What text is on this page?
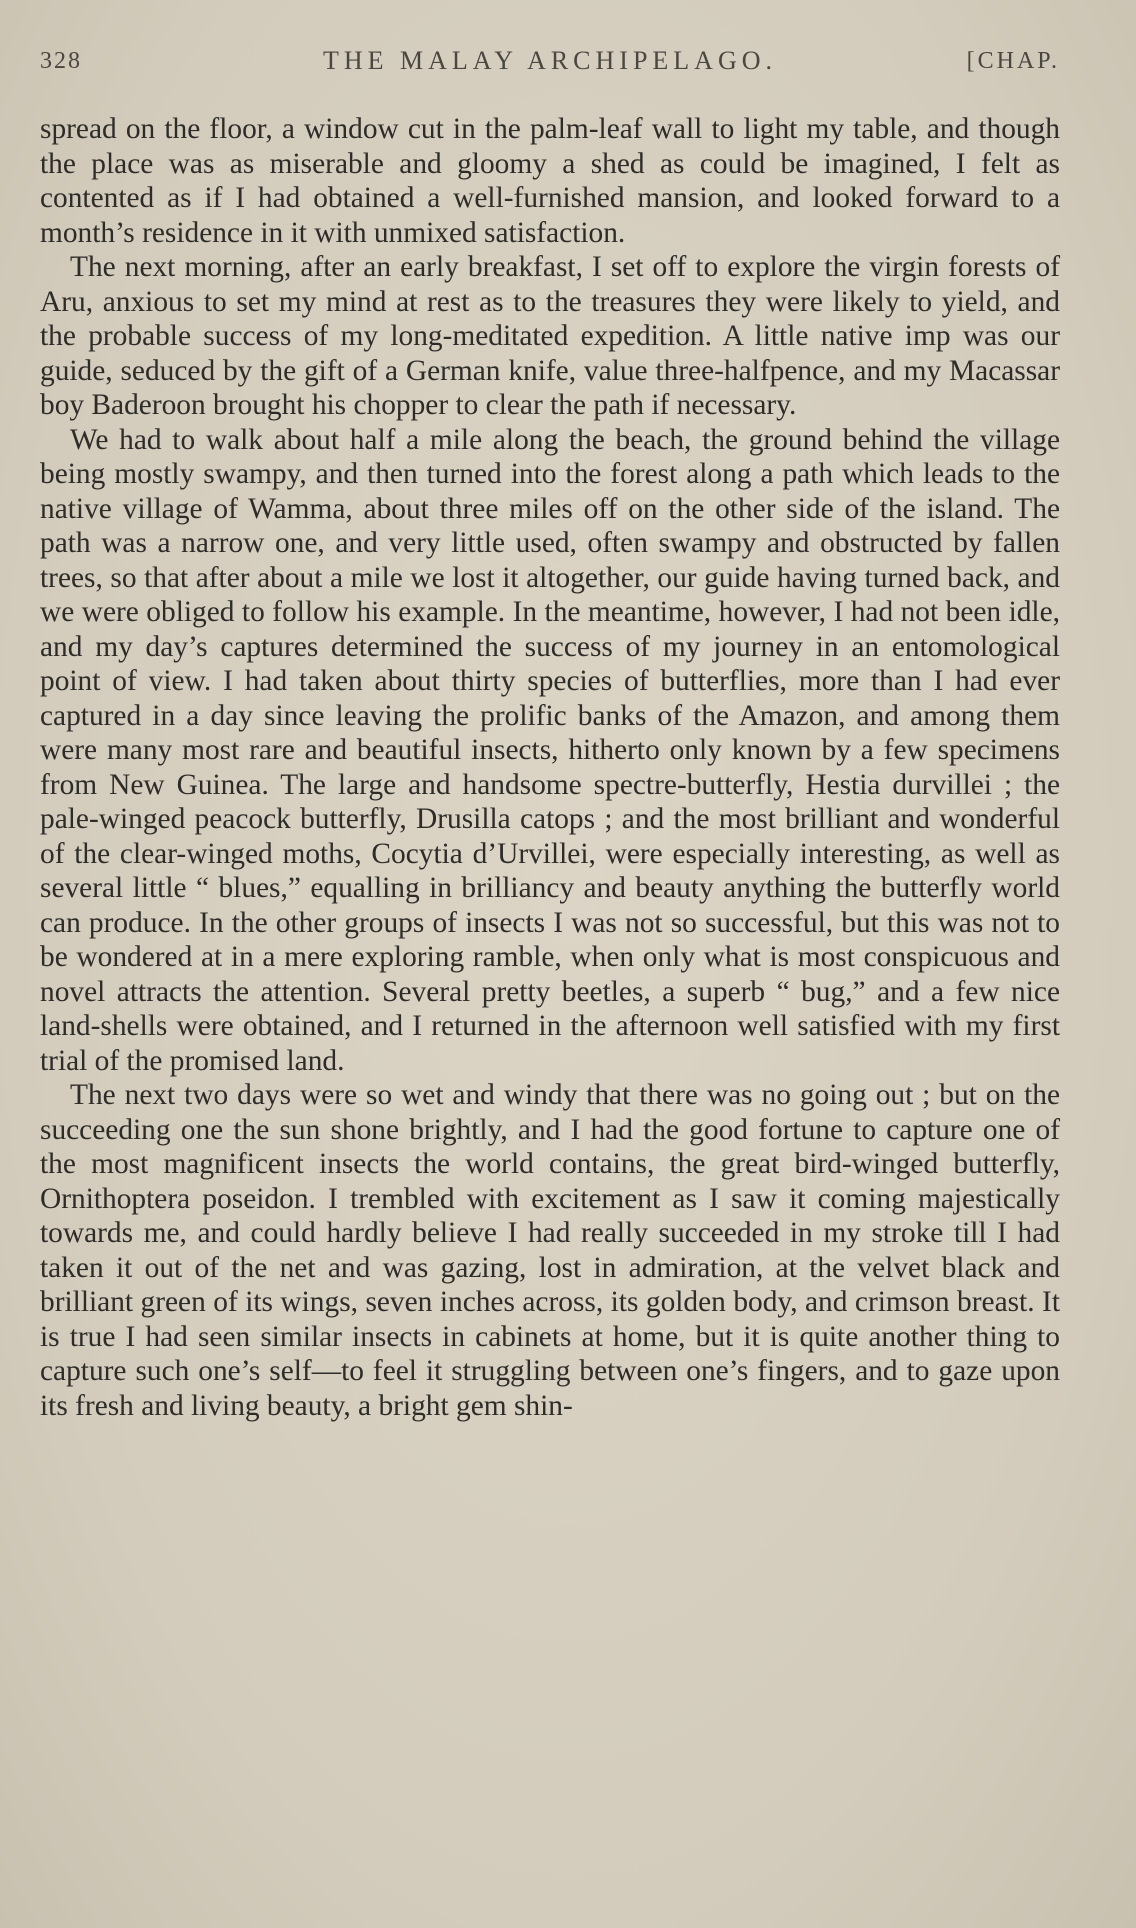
328	THE MALAY ARCHIPELAGO.	[CHAP.

spread on the floor, a window cut in the palm-leaf wall to light my table, and though the place was as miserable and gloomy a shed as could be imagined, I felt as contented as if I had obtained a well-furnished mansion, and looked forward to a month’s residence in it with unmixed satisfaction.

The next morning, after an early breakfast, I set off to explore the virgin forests of Aru, anxious to set my mind at rest as to the treasures they were likely to yield, and the probable success of my long-meditated expedition. A little native imp was our guide, seduced by the gift of a German knife, value three-halfpence, and my Macassar boy Baderoon brought his chopper to clear the path if necessary.

We had to walk about half a mile along the beach, the ground behind the village being mostly swampy, and then turned into the forest along a path which leads to the native village of Wamma, about three miles off on the other side of the island. The path was a narrow one, and very little used, often swampy and obstructed by fallen trees, so that after about a mile we lost it altogether, our guide having turned back, and we were obliged to follow his example. In the meantime, however, I had not been idle, and my day’s captures determined the success of my journey in an entomological point of view. I had taken about thirty species of butterflies, more than I had ever captured in a day since leaving the prolific banks of the Amazon, and among them were many most rare and beautiful insects, hitherto only known by a few specimens from New Guinea. The large and handsome spectre-butterfly, Hestia durvillei ; the pale-winged peacock butterfly, Drusilla catops ; and the most brilliant and wonderful of the clear-winged moths, Cocytia d’Urvillei, were especially interesting, as well as several little “ blues,” equalling in brilliancy and beauty anything the butterfly world can produce. In the other groups of insects I was not so successful, but this was not to be wondered at in a mere exploring ramble, when only what is most conspicuous and novel attracts the attention. Several pretty beetles, a superb “ bug,” and a few nice land-shells were obtained, and I returned in the afternoon well satisfied with my first trial of the promised land.

The next two days were so wet and windy that there was no going out ; but on the succeeding one the sun shone brightly, and I had the good fortune to capture one of the most magnificent insects the world contains, the great bird-winged butterfly, Ornithoptera poseidon. I trembled with excitement as I saw it coming majestically towards me, and could hardly believe I had really succeeded in my stroke till I had taken it out of the net and was gazing, lost in admiration, at the velvet black and brilliant green of its wings, seven inches across, its golden body, and crimson breast. It is true I had seen similar insects in cabinets at home, but it is quite another thing to capture such one’s self—to feel it struggling between one’s fingers, and to gaze upon its fresh and living beauty, a bright gem shin-
